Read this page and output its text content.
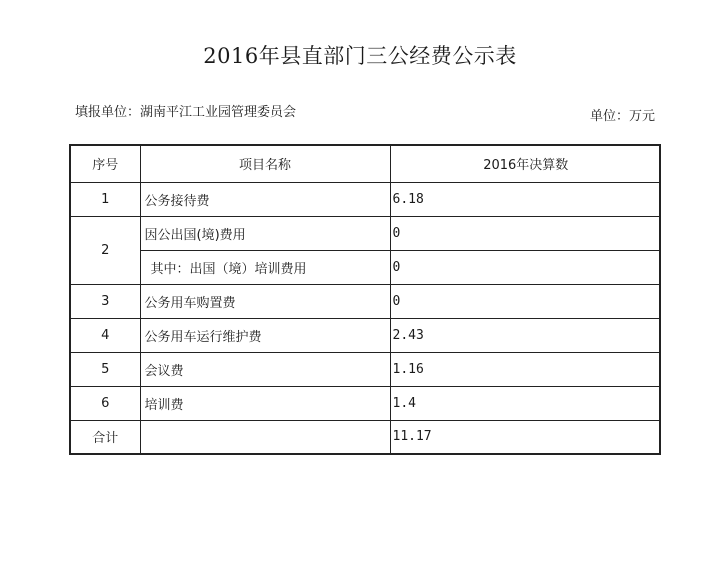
2016年县直部门三公经费公示表
填报单位：湖南平江工业园管理委员会	单位：万元
序号	项目名称	2016年决算数
1	公务接待费	6.18
2	因公出国(境)费用	0
	其中：出国（境）培训费用	0
3	公务用车购置费	0
4	公务用车运行维护费	2.43
5	会议费	1.16
6	培训费	1.4
合计		11.17
